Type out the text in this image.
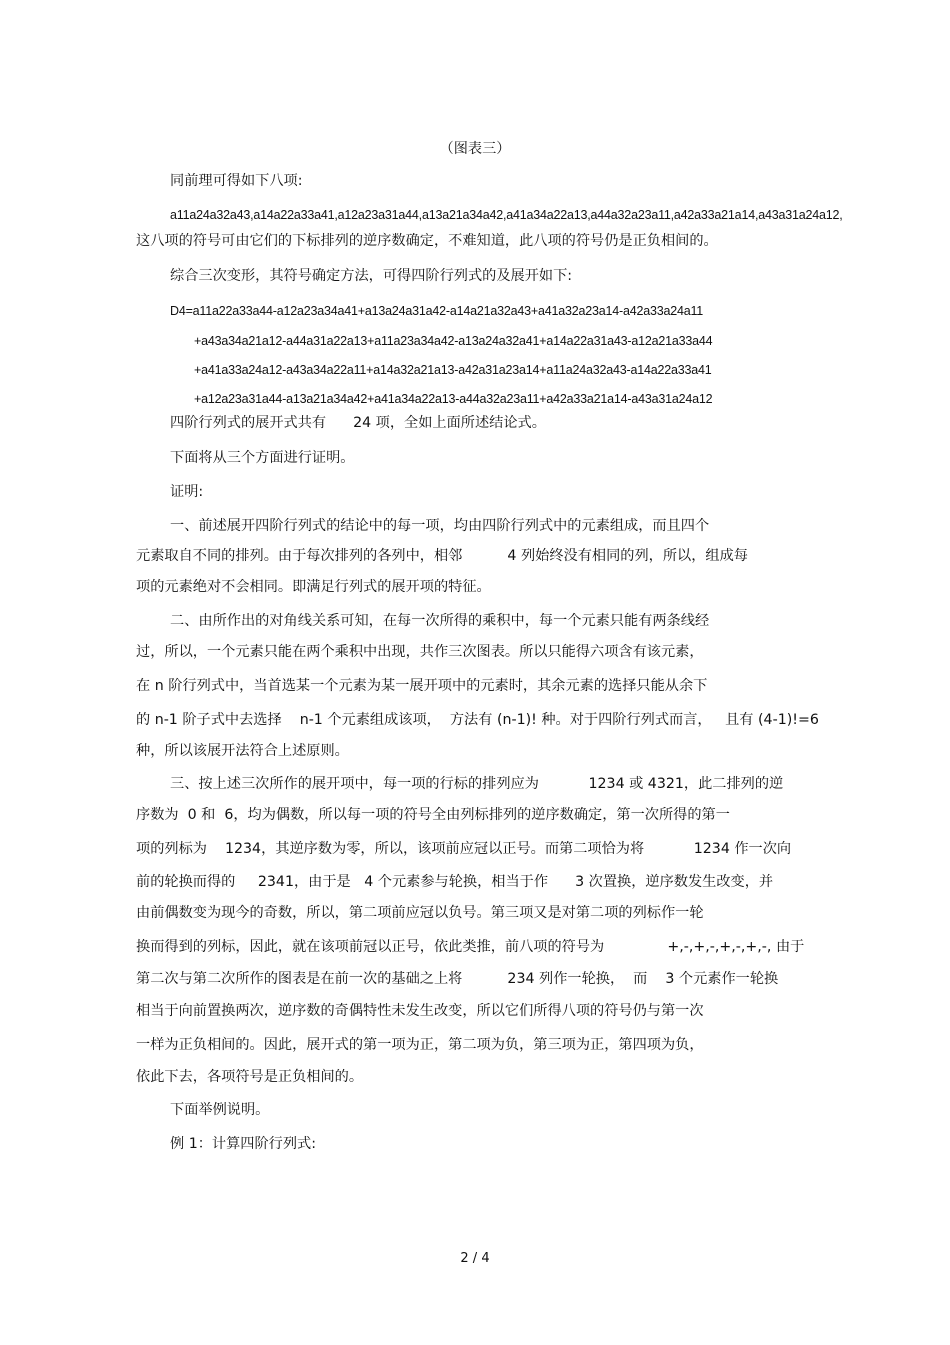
（图表三）
同前理可得如下八项:
a11a24a32a43,a14a22a33a41,a12a23a31a44,a13a21a34a42,a41a34a22a13,a44a32a23a11,a42a33a21a14,a43a31a24a12,
这八项的符号可由它们的下标排列的逆序数确定，不难知道，此八项的符号仍是正负相间的。
综合三次变形，其符号确定方法，可得四阶行列式的及展开如下:
D4=a11a22a33a44-a12a23a34a41+a13a24a31a42-a14a21a32a43+a41a32a23a14-a42a33a24a11
+a43a34a21a12-a44a31a22a13+a11a23a34a42-a13a24a32a41+a14a22a31a43-a12a21a33a44
+a41a33a24a12-a43a34a22a11+a14a32a21a13-a42a31a23a14+a11a24a32a43-a14a22a33a41
+a12a23a31a44-a13a21a34a42+a41a34a22a13-a44a32a23a11+a42a33a21a14-a43a31a24a12
四阶行列式的展开式共有      24 项，全如上面所述结论式。
下面将从三个方面进行证明。
证明:
一、前述展开四阶行列式的结论中的每一项，均由四阶行列式中的元素组成，而且四个
元素取自不同的排列。由于每次排列的各列中，相邻          4 列始终没有相同的列，所以，组成每
项的元素绝对不会相同。即满足行列式的展开项的特征。
二、由所作出的对角线关系可知，在每一次所得的乘积中，每一个元素只能有两条线经
过，所以，一个元素只能在两个乘积中出现，共作三次图表。所以只能得六项含有该元素，
在 n 阶行列式中，当首选某一个元素为某一展开项中的元素时，其余元素的选择只能从余下
的 n-1 阶子式中去选择    n-1 个元素组成该项，  方法有 (n-1)! 种。对于四阶行列式而言，   且有 (4-1)!=6
种，所以该展开法符合上述原则。
三、按上述三次所作的展开项中，每一项的行标的排列应为           1234 或 4321，此二排列的逆
序数为  0 和  6，均为偶数，所以每一项的符号全由列标排列的逆序数确定，第一次所得的第一
项的列标为    1234，其逆序数为零，所以，该项前应冠以正号。而第二项恰为将           1234 作一次向
前的轮换而得的     2341，由于是   4 个元素参与轮换，相当于作      3 次置换，逆序数发生改变，并
由前偶数变为现今的奇数，所以，第二项前应冠以负号。第三项又是对第二项的列标作一轮
换而得到的列标，因此，就在该项前冠以正号，依此类推，前八项的符号为              +,-,+,-,+,-,+,-, 由于
第二次与第二次所作的图表是在前一次的基础之上将          234 列作一轮换，  而    3 个元素作一轮换
相当于向前置换两次，逆序数的奇偶特性未发生改变，所以它们所得八项的符号仍与第一次
一样为正负相间的。因此，展开式的第一项为正，第二项为负，第三项为正，第四项为负，
依此下去，各项符号是正负相间的。
下面举例说明。
例 1：计算四阶行列式:
2 / 4
